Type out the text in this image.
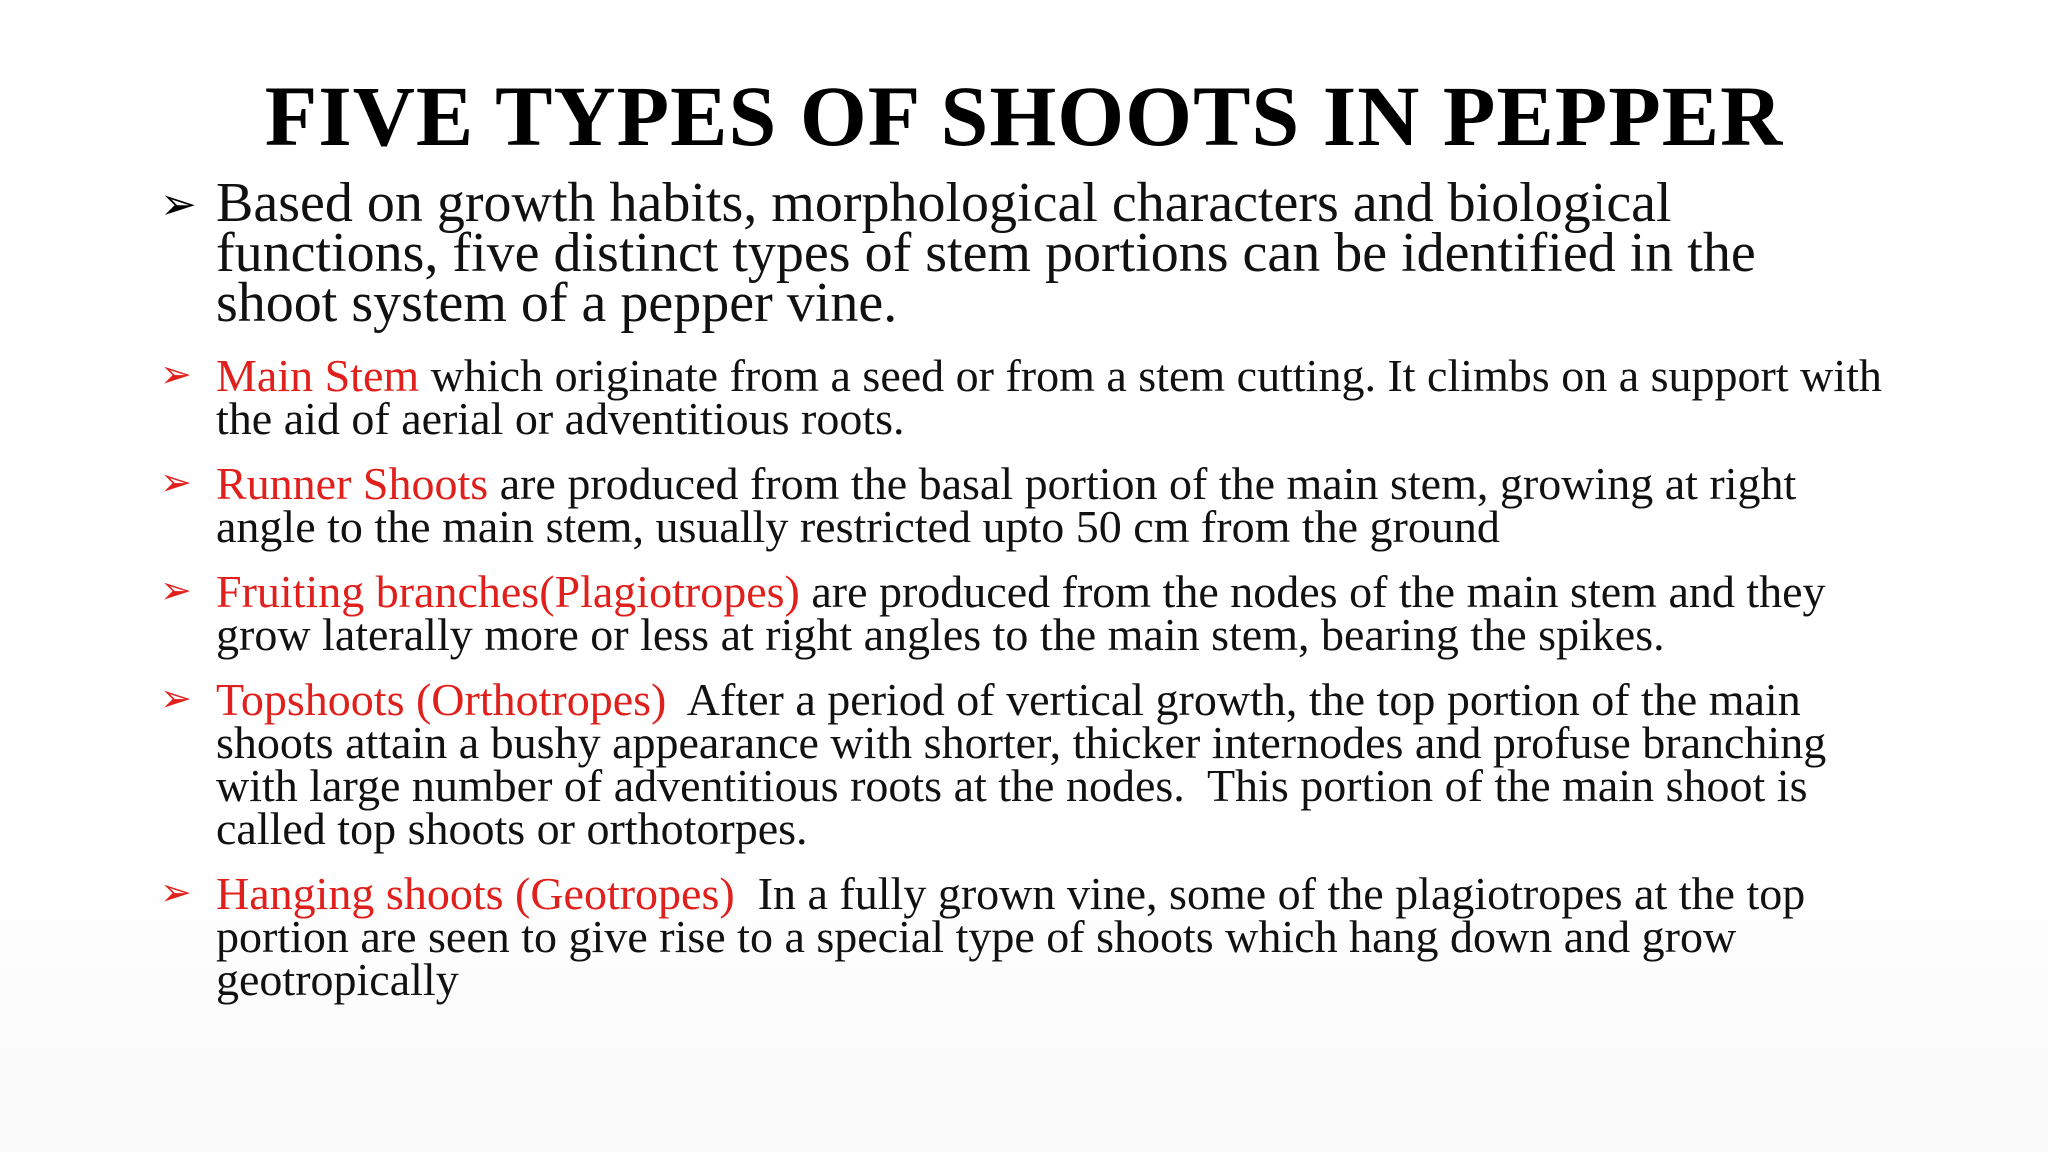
FIVE TYPES OF SHOOTS IN PEPPER
➢ Based on growth habits, morphological characters and biological functions, five distinct types of stem portions can be identified in the shoot system of a pepper vine.
➢ Main Stem which originate from a seed or from a stem cutting. It climbs on a support with the aid of aerial or adventitious roots.
➢ Runner Shoots are produced from the basal portion of the main stem, growing at right angle to the main stem, usually restricted upto 50 cm from the ground
➢ Fruiting branches(Plagiotropes) are produced from the nodes of the main stem and they grow laterally more or less at right angles to the main stem, bearing the spikes.
➢ Topshoots (Orthotropes)  After a period of vertical growth, the top portion of the main shoots attain a bushy appearance with shorter, thicker internodes and profuse branching with large number of adventitious roots at the nodes.  This portion of the main shoot is called top shoots or orthotorpes.
➢ Hanging shoots (Geotropes)  In a fully grown vine, some of the plagiotropes at the top portion are seen to give rise to a special type of shoots which hang down and grow geotropically
